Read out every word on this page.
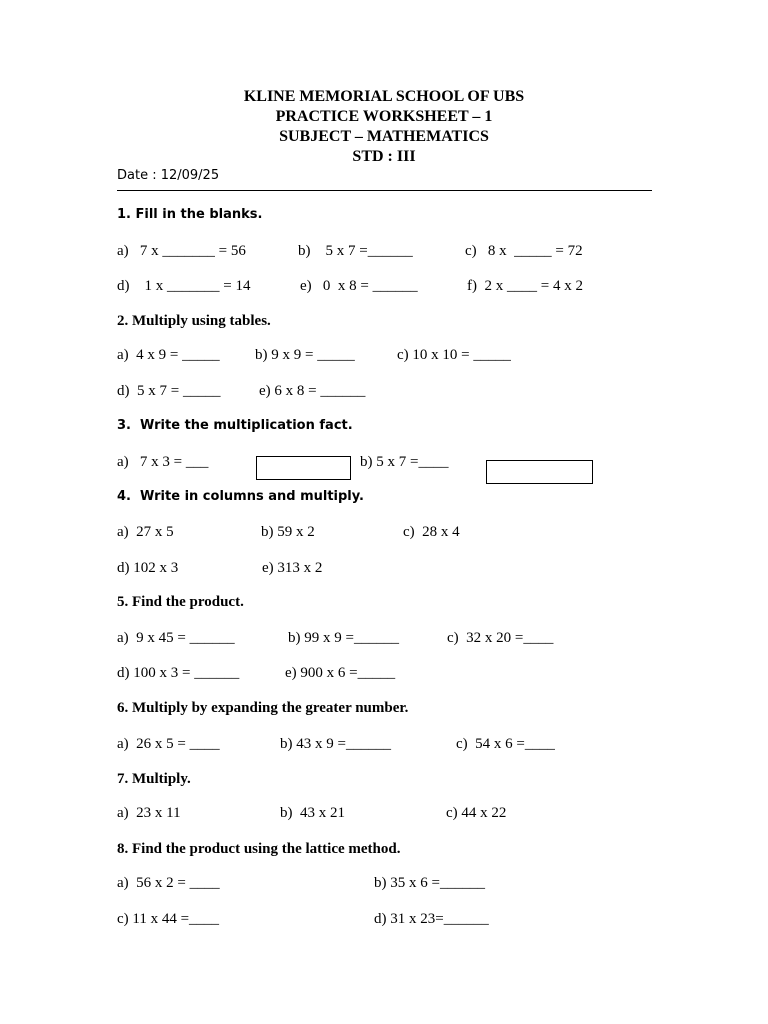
KLINE MEMORIAL SCHOOL OF UBS
PRACTICE WORKSHEET – 1
SUBJECT – MATHEMATICS
STD : III
Date : 12/09/25
1. Fill in the blanks.
a)   7 x _______ = 56	b)    5 x 7 =______	c)   8 x  _____ = 72
d)    1 x _______ = 14	e)   0  x 8 = ______	f)  2 x ____ = 4 x 2
2. Multiply using tables.
a)  4 x 9 = _____ b) 9 x 9 = _____	c) 10 x 10 = _____
d)  5 x 7 = _____	e) 6 x 8 = ______
3.  Write the multiplication fact.
a)   7 x 3 = ___	b) 5 x 7 =____
4.  Write in columns and multiply.
a)  27 x 5	b) 59 x 2	c)  28 x 4
d) 102 x 3	e) 313 x 2
5. Find the product.
a)  9 x 45 = ______	b) 99 x 9 =______	c)  32 x 20 =____
d) 100 x 3 = ______	e) 900 x 6 =_____
6. Multiply by expanding the greater number.
a)  26 x 5 = ____	b) 43 x 9 =______	c)  54 x 6 =____
7. Multiply.
a)  23 x 11	b)  43 x 21	c) 44 x 22
8. Find the product using the lattice method.
a)  56 x 2 = ____	b) 35 x 6 =______
c) 11 x 44 =____	d) 31 x 23=______
